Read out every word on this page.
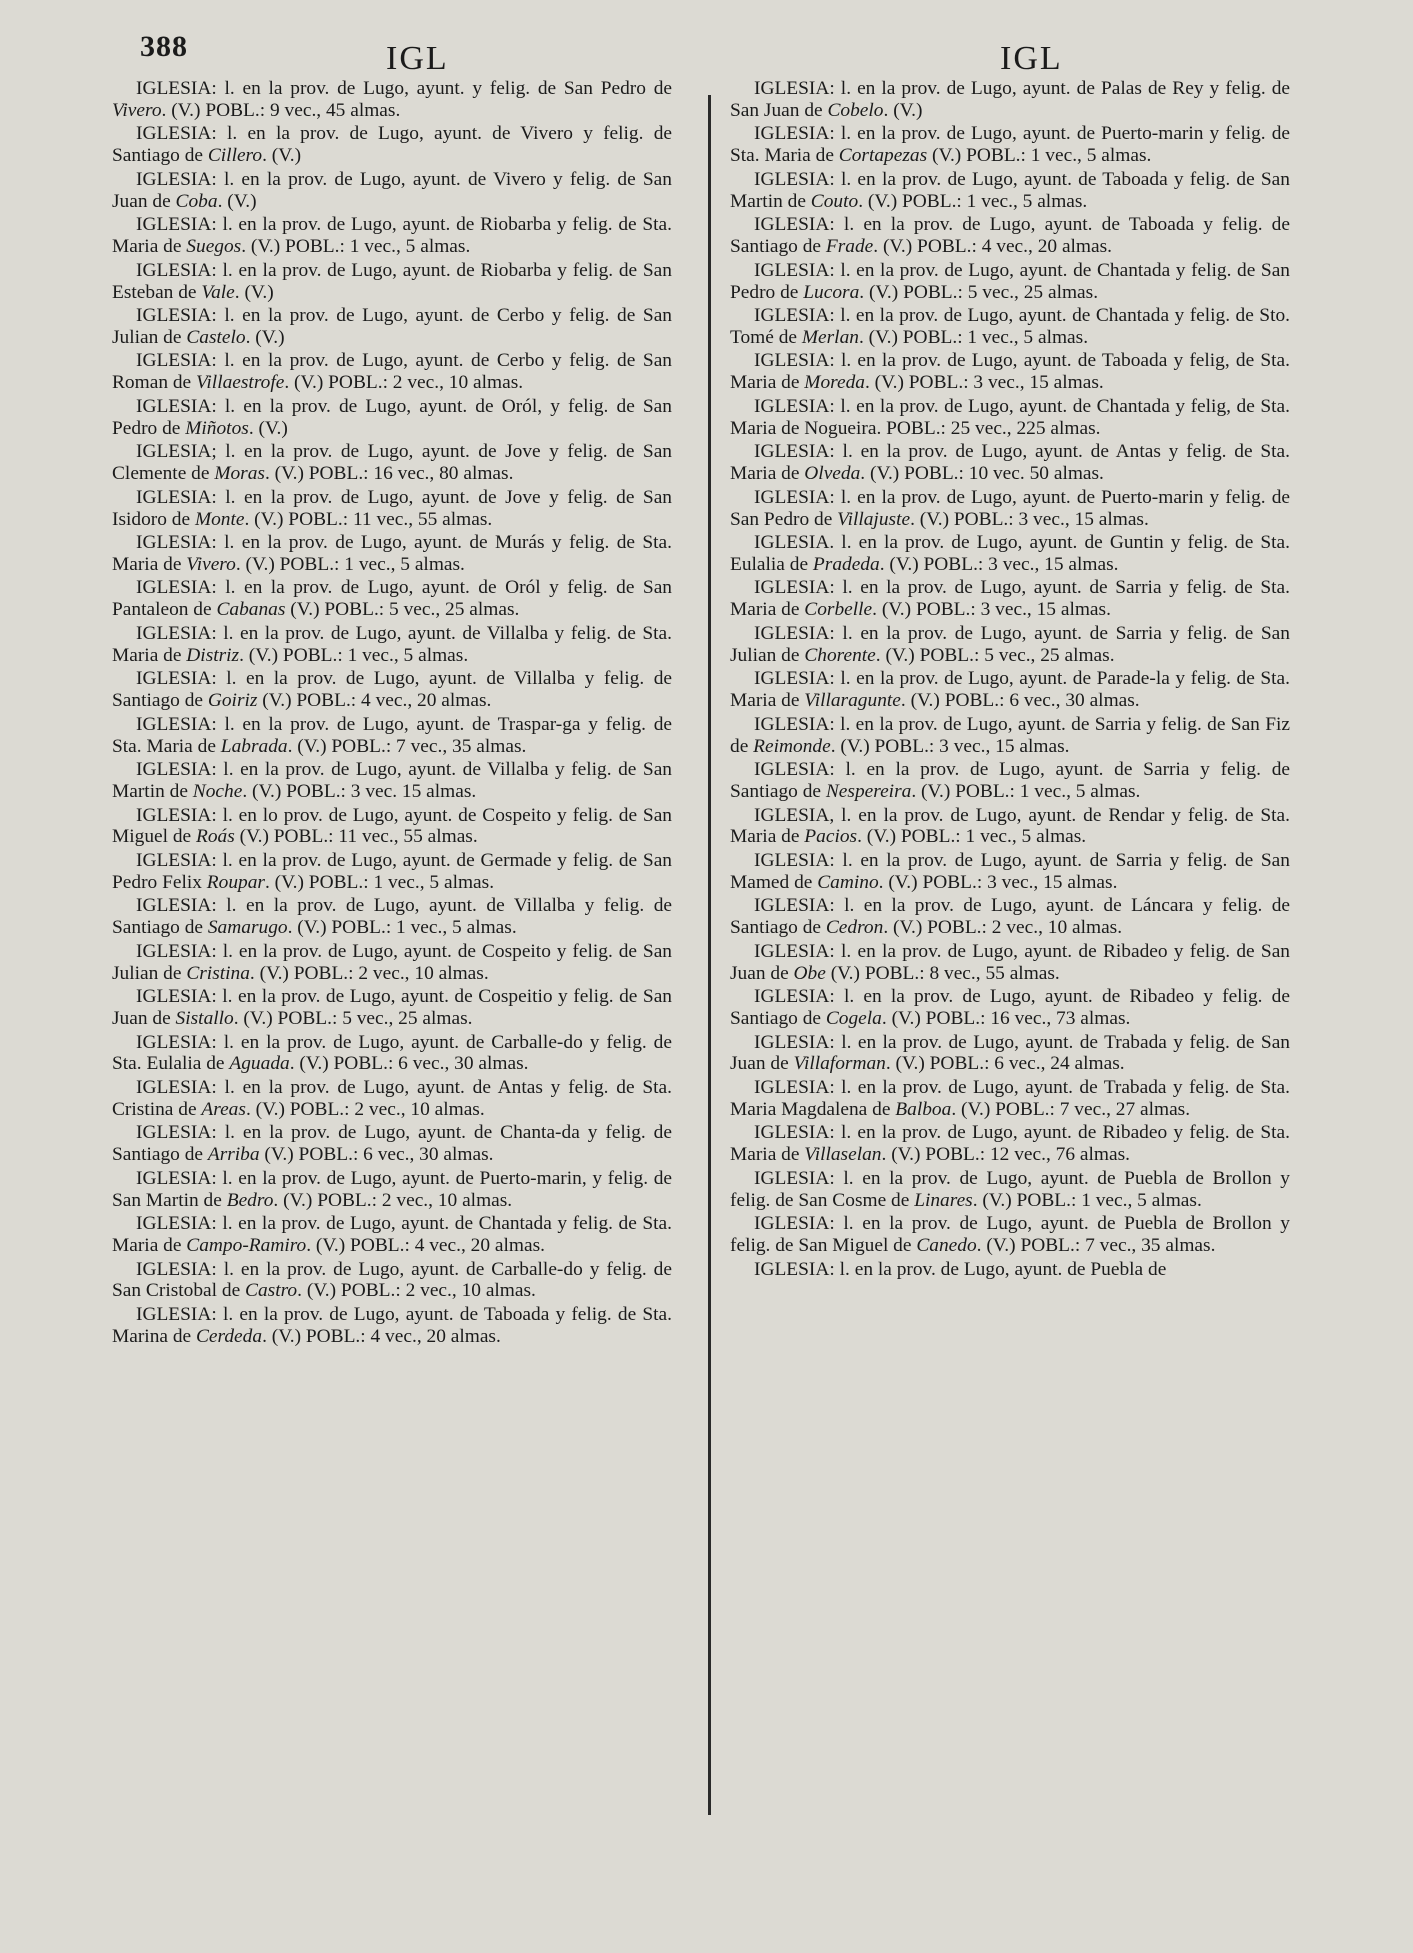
388	IGL	IGL

IGLESIA: l. en la prov. de Lugo, ayunt. y felig. de San Pedro de Vivero. (V.) POBL.: 9 vec., 45 almas.

IGLESIA: l. en la prov. de Lugo, ayunt. de Vivero y felig. de Santiago de Cillero. (V.)

IGLESIA: l. en la prov. de Lugo, ayunt. de Vivero y felig. de San Juan de Coba. (V.)

IGLESIA: l. en la prov. de Lugo, ayunt. de Riobarba y felig. de Sta. Maria de Suegos. (V.) POBL.: 1 vec., 5 almas.

IGLESIA: l. en la prov. de Lugo, ayunt. de Riobarba y felig. de San Esteban de Vale. (V.)

IGLESIA: l. en la prov. de Lugo, ayunt. de Cerbo y felig. de San Julian de Castelo. (V.)

IGLESIA: l. en la prov. de Lugo, ayunt. de Cerbo y felig. de San Roman de Villaestrofe. (V.) POBL.: 2 vec., 10 almas.

IGLESIA: l. en la prov. de Lugo, ayunt. de Oról, y felig. de San Pedro de Miñotos. (V.)

IGLESIA; l. en la prov. de Lugo, ayunt. de Jove y felig. de San Clemente de Moras. (V.) POBL.: 16 vec., 80 almas.

IGLESIA: l. en la prov. de Lugo, ayunt. de Jove y felig. de San Isidoro de Monte. (V.) POBL.: 11 vec., 55 almas.

IGLESIA: l. en la prov. de Lugo, ayunt. de Murás y felig. de Sta. Maria de Vivero. (V.) POBL.: 1 vec., 5 almas.

IGLESIA: l. en la prov. de Lugo, ayunt. de Oról y felig. de San Pantaleon de Cabanas (V.) POBL.: 5 vec., 25 almas.

IGLESIA: l. en la prov. de Lugo, ayunt. de Villalba y felig. de Sta. Maria de Distriz. (V.) POBL.: 1 vec., 5 almas.

IGLESIA: l. en la prov. de Lugo, ayunt. de Villalba y felig. de Santiago de Goiriz (V.) POBL.: 4 vec., 20 almas.

IGLESIA: l. en la prov. de Lugo, ayunt. de Traspar-ga y felig. de Sta. Maria de Labrada. (V.) POBL.: 7 vec., 35 almas.

IGLESIA: l. en la prov. de Lugo, ayunt. de Villalba y felig. de San Martin de Noche. (V.) POBL.: 3 vec. 15 almas.

IGLESIA: l. en lo prov. de Lugo, ayunt. de Cospeito y felig. de San Miguel de Roás (V.) POBL.: 11 vec., 55 almas.

IGLESIA: l. en la prov. de Lugo, ayunt. de Germade y felig. de San Pedro Felix Roupar. (V.) POBL.: 1 vec., 5 almas.

IGLESIA: l. en la prov. de Lugo, ayunt. de Villalba y felig. de Santiago de Samarugo. (V.) POBL.: 1 vec., 5 almas.

IGLESIA: l. en la prov. de Lugo, ayunt. de Cospeito y felig. de San Julian de Cristina. (V.) POBL.: 2 vec., 10 almas.

IGLESIA: l. en la prov. de Lugo, ayunt. de Cospeitio y felig. de San Juan de Sistallo. (V.) POBL.: 5 vec., 25 almas.

IGLESIA: l. en la prov. de Lugo, ayunt. de Carballe-do y felig. de Sta. Eulalia de Aguada. (V.) POBL.: 6 vec., 30 almas.

IGLESIA: l. en la prov. de Lugo, ayunt. de Antas y felig. de Sta. Cristina de Areas. (V.) POBL.: 2 vec., 10 almas.

IGLESIA: l. en la prov. de Lugo, ayunt. de Chanta-da y felig. de Santiago de Arriba (V.) POBL.: 6 vec., 30 almas.

IGLESIA: l. en la prov. de Lugo, ayunt. de Puerto-marin, y felig. de San Martin de Bedro. (V.) POBL.: 2 vec., 10 almas.

IGLESIA: l. en la prov. de Lugo, ayunt. de Chantada y felig. de Sta. Maria de Campo-Ramiro. (V.) POBL.: 4 vec., 20 almas.

IGLESIA: l. en la prov. de Lugo, ayunt. de Carballe-do y felig. de San Cristobal de Castro. (V.) POBL.: 2 vec., 10 almas.

IGLESIA: l. en la prov. de Lugo, ayunt. de Taboada y felig. de Sta. Marina de Cerdeda. (V.) POBL.: 4 vec., 20 almas.

IGLESIA: l. en la prov. de Lugo, ayunt. de Palas de Rey y felig. de San Juan de Cobelo. (V.)

IGLESIA: l. en la prov. de Lugo, ayunt. de Puerto-marin y felig. de Sta. Maria de Cortapezas (V.) POBL.: 1 vec., 5 almas.

IGLESIA: l. en la prov. de Lugo, ayunt. de Taboada y felig. de San Martin de Couto. (V.) POBL.: 1 vec., 5 almas.

IGLESIA: l. en la prov. de Lugo, ayunt. de Taboada y felig. de Santiago de Frade. (V.) POBL.: 4 vec., 20 almas.

IGLESIA: l. en la prov. de Lugo, ayunt. de Chantada y felig. de San Pedro de Lucora. (V.) POBL.: 5 vec., 25 almas.

IGLESIA: l. en la prov. de Lugo, ayunt. de Chantada y felig. de Sto. Tomé de Merlan. (V.) POBL.: 1 vec., 5 almas.

IGLESIA: l. en la prov. de Lugo, ayunt. de Taboada y felig, de Sta. Maria de Moreda. (V.) POBL.: 3 vec., 15 almas.

IGLESIA: l. en la prov. de Lugo, ayunt. de Chantada y felig, de Sta. Maria de Nogueira. POBL.: 25 vec., 225 almas.

IGLESIA: l. en la prov. de Lugo, ayunt. de Antas y felig. de Sta. Maria de Olveda. (V.) POBL.: 10 vec. 50 almas.

IGLESIA: l. en la prov. de Lugo, ayunt. de Puerto-marin y felig. de San Pedro de Villajuste. (V.) POBL.: 3 vec., 15 almas.

IGLESIA. l. en la prov. de Lugo, ayunt. de Guntin y felig. de Sta. Eulalia de Pradeda. (V.) POBL.: 3 vec., 15 almas.

IGLESIA: l. en la prov. de Lugo, ayunt. de Sarria y felig. de Sta. Maria de Corbelle. (V.) POBL.: 3 vec., 15 almas.

IGLESIA: l. en la prov. de Lugo, ayunt. de Sarria y felig. de San Julian de Chorente. (V.) POBL.: 5 vec., 25 almas.

IGLESIA: l. en la prov. de Lugo, ayunt. de Parade-la y felig. de Sta. Maria de Villaragunte. (V.) POBL.: 6 vec., 30 almas.

IGLESIA: l. en la prov. de Lugo, ayunt. de Sarria y felig. de San Fiz de Reimonde. (V.) POBL.: 3 vec., 15 almas.

IGLESIA: l. en la prov. de Lugo, ayunt. de Sarria y felig. de Santiago de Nespereira. (V.) POBL.: 1 vec., 5 almas.

IGLESIA, l. en la prov. de Lugo, ayunt. de Rendar y felig. de Sta. Maria de Pacios. (V.) POBL.: 1 vec., 5 almas.

IGLESIA: l. en la prov. de Lugo, ayunt. de Sarria y felig. de San Mamed de Camino. (V.) POBL.: 3 vec., 15 almas.

IGLESIA: l. en la prov. de Lugo, ayunt. de Láncara y felig. de Santiago de Cedron. (V.) POBL.: 2 vec., 10 almas.

IGLESIA: l. en la prov. de Lugo, ayunt. de Ribadeo y felig. de San Juan de Obe (V.) POBL.: 8 vec., 55 almas.

IGLESIA: l. en la prov. de Lugo, ayunt. de Ribadeo y felig. de Santiago de Cogela. (V.) POBL.: 16 vec., 73 almas.

IGLESIA: l. en la prov. de Lugo, ayunt. de Trabada y felig. de San Juan de Villaforman. (V.) POBL.: 6 vec., 24 almas.

IGLESIA: l. en la prov. de Lugo, ayunt. de Trabada y felig. de Sta. Maria Magdalena de Balboa. (V.) POBL.: 7 vec., 27 almas.

IGLESIA: l. en la prov. de Lugo, ayunt. de Ribadeo y felig. de Sta. Maria de Villaselan. (V.) POBL.: 12 vec., 76 almas.

IGLESIA: l. en la prov. de Lugo, ayunt. de Puebla de Brollon y felig. de San Cosme de Linares. (V.) POBL.: 1 vec., 5 almas.

IGLESIA: l. en la prov. de Lugo, ayunt. de Puebla de Brollon y felig. de San Miguel de Canedo. (V.) POBL.: 7 vec., 35 almas.

IGLESIA: l. en la prov. de Lugo, ayunt. de Puebla de
